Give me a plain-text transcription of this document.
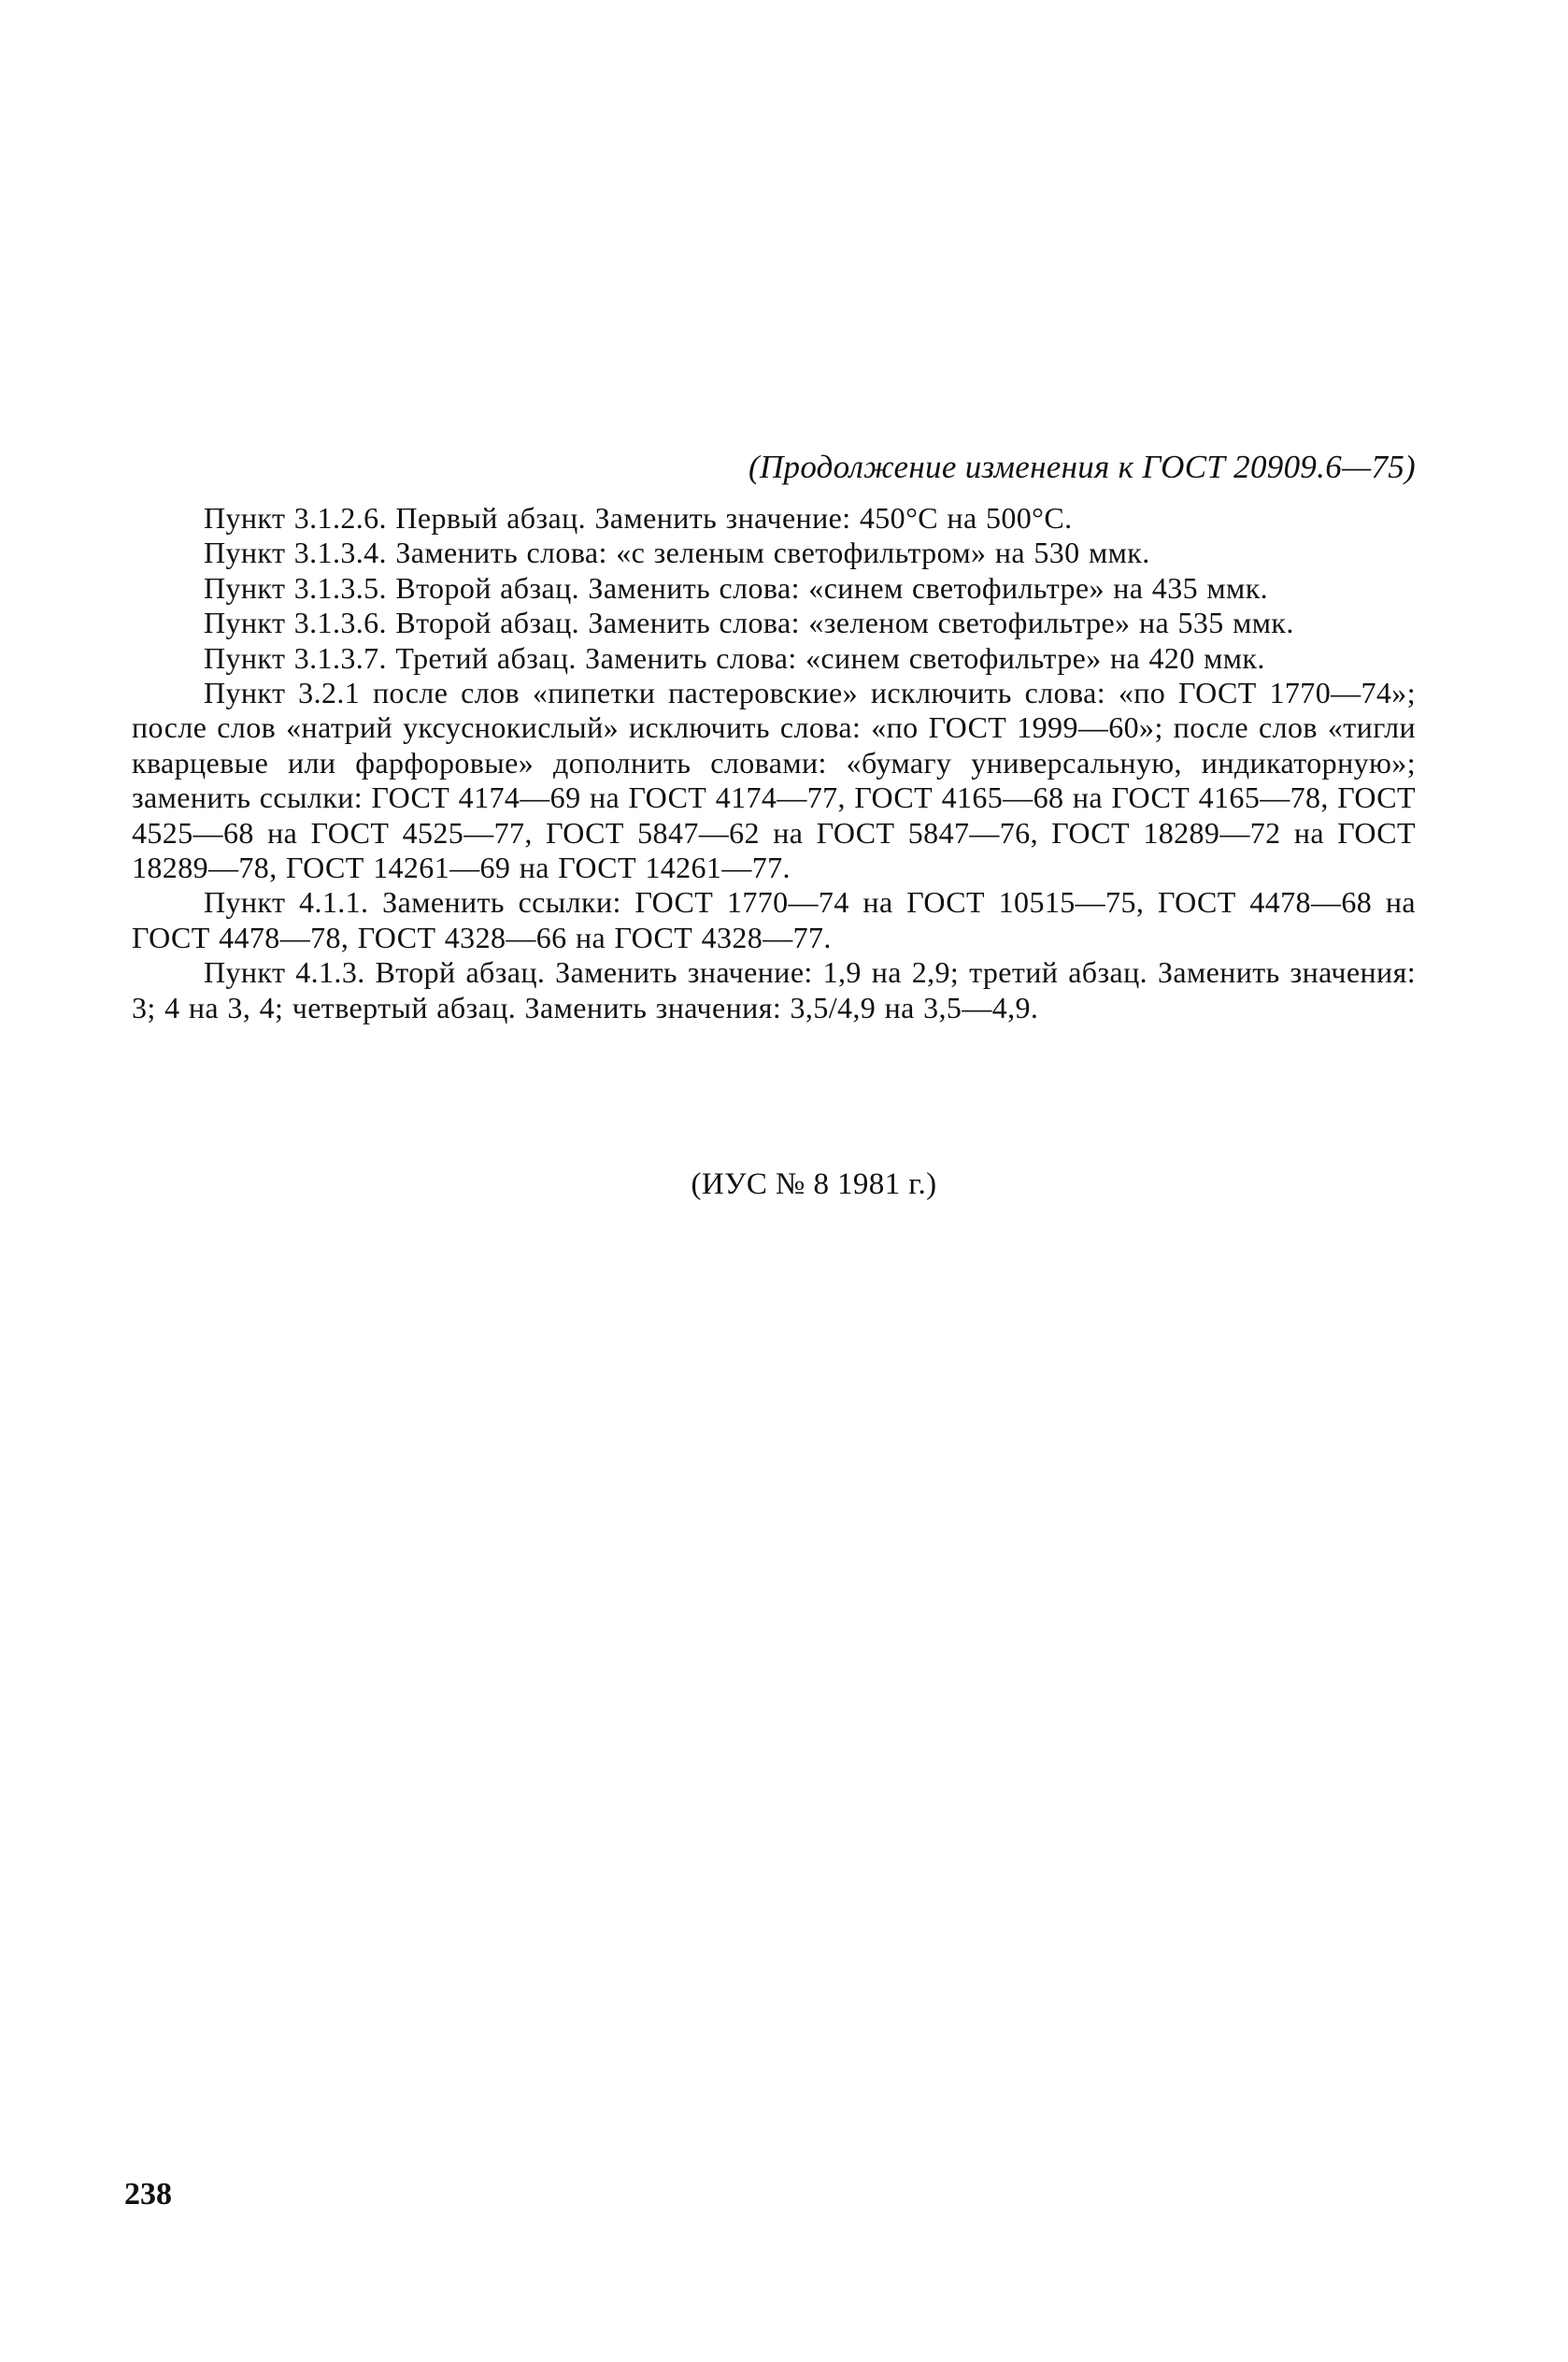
(Продолжение изменения к ГОСТ 20909.6—75)

Пункт 3.1.2.6. Первый абзац. Заменить значение: 450°С на 500°С.

Пункт 3.1.3.4. Заменить слова: «с зеленым светофильтром» на 530 ммк.

Пункт 3.1.3.5. Второй абзац. Заменить слова: «синем светофильтре» на 435 ммк.

Пункт 3.1.3.6. Второй абзац. Заменить слова: «зеленом светофильтре» на 535 ммк.

Пункт 3.1.3.7. Третий абзац. Заменить слова: «синем светофильтре» на 420 ммк.

Пункт 3.2.1 после слов «пипетки пастеровские» исключить слова: «по ГОСТ 1770—74»; после слов «натрий уксуснокислый» исключить слова: «по ГОСТ 1999—60»; после слов «тигли кварцевые или фарфоровые» дополнить словами: «бумагу универсальную, индикаторную»; заменить ссылки: ГОСТ 4174—69 на ГОСТ 4174—77, ГОСТ 4165—68 на ГОСТ 4165—78, ГОСТ 4525—68 на ГОСТ 4525—77, ГОСТ 5847—62 на ГОСТ 5847—76, ГОСТ 18289—72 на ГОСТ 18289—78, ГОСТ 14261—69 на ГОСТ 14261—77.

Пункт 4.1.1. Заменить ссылки: ГОСТ 1770—74 на ГОСТ 10515—75, ГОСТ 4478—68 на ГОСТ 4478—78, ГОСТ 4328—66 на ГОСТ 4328—77.

Пункт 4.1.3. Вторй абзац. Заменить значение: 1,9 на 2,9; третий абзац. Заменить значения: 3; 4 на 3, 4; четвертый абзац. Заменить значения: 3,5/4,9 на 3,5—4,9.

(ИУС № 8 1981 г.)
238
